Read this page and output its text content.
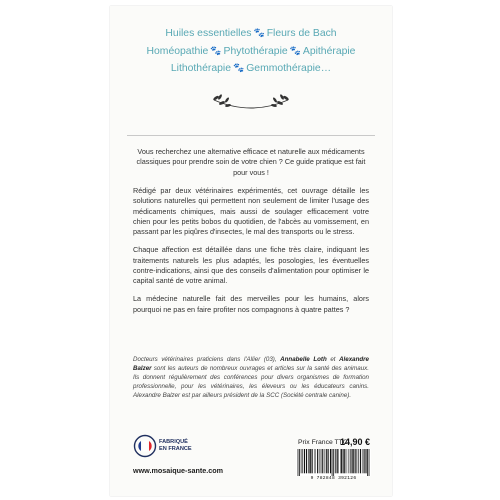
Huiles essentielles 🐾 Fleurs de Bach
Homéopathie 🐾 Phytothérapie 🐾 Apithérapie
Lithothérapie 🐾 Gemmothérapie…

Vous recherchez une alternative efficace et naturelle aux médicaments classiques pour prendre soin de votre chien ? Ce guide pratique est fait pour vous !

Rédigé par deux vétérinaires expérimentés, cet ouvrage détaille les solutions naturelles qui permettent non seulement de limiter l'usage des médicaments chimiques, mais aussi de soulager efficacement votre chien pour les petits bobos du quotidien, de l'abcès au vomissement, en passant par les piqûres d'insectes, le mal des transports ou le stress.

Chaque affection est détaillée dans une fiche très claire, indiquant les traitements naturels les plus adaptés, les posologies, les éventuelles contre-indications, ainsi que des conseils d'alimentation pour optimiser le capital santé de votre animal.

La médecine naturelle fait des merveilles pour les humains, alors pourquoi ne pas en faire profiter nos compagnons à quatre pattes ?

Docteurs vétérinaires praticiens dans l'Allier (03), Annabelle Loth et Alexandre Balzer sont les auteurs de nombreux ouvrages et articles sur la santé des animaux. Ils donnent régulièrement des conférences pour divers organismes de formation professionnelle, pour les vétérinaires, les éleveurs ou les éducateurs canins. Alexandre Balzer est par ailleurs président de la SCC (Société centrale canine).
FABRIQUÉ
EN FRANCE
www.mosaique-sante.com
Prix France TTC
14,90 €
9 782848 392126
